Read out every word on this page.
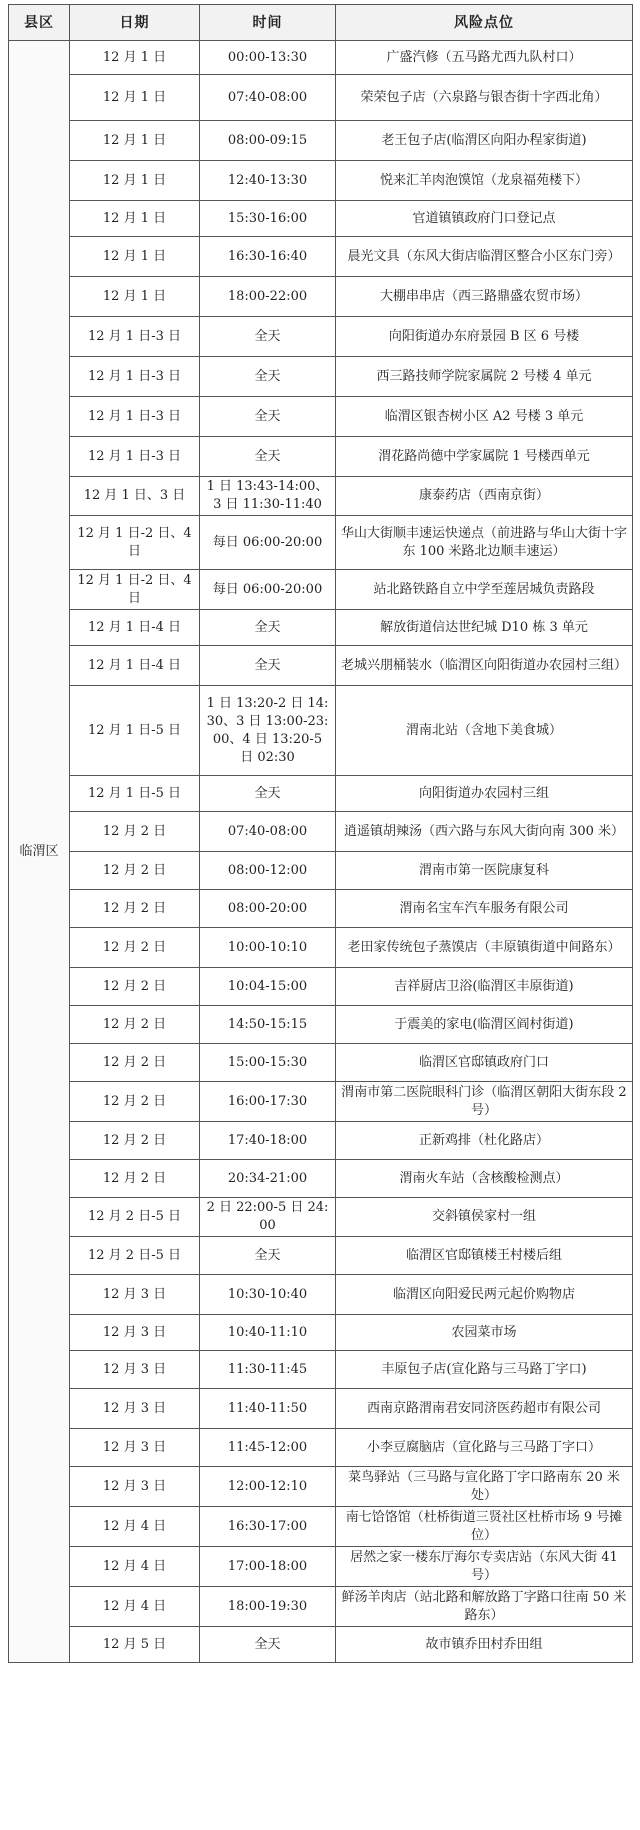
县区	日期	时间	风险点位
临渭区	12 月 1 日	00:00-13:30	广盛汽修（五马路尤西九队村口）
	12 月 1 日	07:40-08:00	荣荣包子店（六泉路与银杏街十字西北角）
	12 月 1 日	08:00-09:15	老王包子店(临渭区向阳办程家街道)
	12 月 1 日	12:40-13:30	悦来汇羊肉泡馍馆（龙泉福苑楼下）
	12 月 1 日	15:30-16:00	官道镇镇政府门口登记点
	12 月 1 日	16:30-16:40	晨光文具（东风大街店临渭区整合小区东门旁）
	12 月 1 日	18:00-22:00	大棚串串店（西三路鼎盛农贸市场）
	12 月 1 日-3 日	全天	向阳街道办东府景园 B 区 6 号楼
	12 月 1 日-3 日	全天	西三路技师学院家属院 2 号楼 4 单元
	12 月 1 日-3 日	全天	临渭区银杏树小区 A2 号楼 3 单元
	12 月 1 日-3 日	全天	渭花路尚德中学家属院 1 号楼西单元
	12 月 1 日、3 日	1 日 13:43-14:00、3 日 11:30-11:40	康泰药店（西南京街）
	12 月 1 日-2 日、4 日	每日 06:00-20:00	华山大街顺丰速运快递点（前进路与华山大街十字东 100 米路北边顺丰速运）
	12 月 1 日-2 日、4 日	每日 06:00-20:00	站北路铁路自立中学至莲居城负责路段
	12 月 1 日-4 日	全天	解放街道信达世纪城 D10 栋 3 单元
	12 月 1 日-4 日	全天	老城兴朋桶装水（临渭区向阳街道办农园村三组）
	12 月 1 日-5 日	1 日 13:20-2 日 14:30、3 日 13:00-23:00、4 日 13:20-5 日 02:30	渭南北站（含地下美食城）
	12 月 1 日-5 日	全天	向阳街道办农园村三组
	12 月 2 日	07:40-08:00	逍遥镇胡辣汤（西六路与东风大街向南 300 米）
	12 月 2 日	08:00-12:00	渭南市第一医院康复科
	12 月 2 日	08:00-20:00	渭南名宝车汽车服务有限公司
	12 月 2 日	10:00-10:10	老田家传统包子蒸馍店（丰原镇街道中间路东）
	12 月 2 日	10:04-15:00	吉祥厨店卫浴(临渭区丰原街道)
	12 月 2 日	14:50-15:15	于震美的家电(临渭区阎村街道)
	12 月 2 日	15:00-15:30	临渭区官邸镇政府门口
	12 月 2 日	16:00-17:30	渭南市第二医院眼科门诊（临渭区朝阳大街东段 2 号）
	12 月 2 日	17:40-18:00	正新鸡排（杜化路店）
	12 月 2 日	20:34-21:00	渭南火车站（含核酸检测点）
	12 月 2 日-5 日	2 日 22:00-5 日 24:00	交斜镇侯家村一组
	12 月 2 日-5 日	全天	临渭区官邸镇楼王村楼后组
	12 月 3 日	10:30-10:40	临渭区向阳爱民两元起价购物店
	12 月 3 日	10:40-11:10	农园菜市场
	12 月 3 日	11:30-11:45	丰原包子店(宣化路与三马路丁字口)
	12 月 3 日	11:40-11:50	西南京路渭南君安同济医药超市有限公司
	12 月 3 日	11:45-12:00	小李豆腐脑店（宣化路与三马路丁字口）
	12 月 3 日	12:00-12:10	菜鸟驿站（三马路与宣化路丁字口路南东 20 米处）
	12 月 4 日	16:30-17:00	南七饸饹馆（杜桥街道三贤社区杜桥市场 9 号摊位）
	12 月 4 日	17:00-18:00	居然之家一楼东厅海尔专卖店站（东风大街 41 号）
	12 月 4 日	18:00-19:30	鲜汤羊肉店（站北路和解放路丁字路口往南 50 米路东）
	12 月 5 日	全天	故市镇乔田村乔田组
